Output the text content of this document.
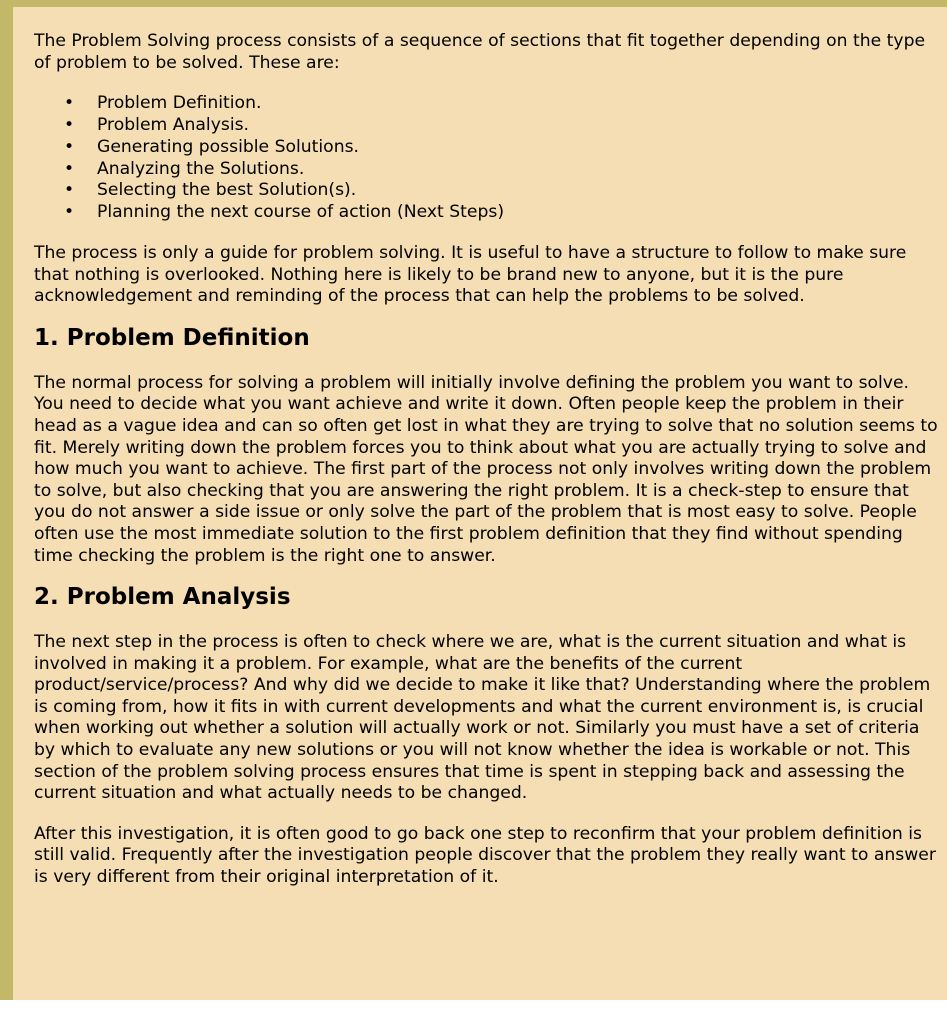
The Problem Solving process consists of a sequence of sections that fit together depending on the type of problem to be solved. These are:

• Problem Definition.
• Problem Analysis.
• Generating possible Solutions.
• Analyzing the Solutions.
• Selecting the best Solution(s).
• Planning the next course of action (Next Steps)

The process is only a guide for problem solving. It is useful to have a structure to follow to make sure that nothing is overlooked. Nothing here is likely to be brand new to anyone, but it is the pure acknowledgement and reminding of the process that can help the problems to be solved.

1. Problem Definition

The normal process for solving a problem will initially involve defining the problem you want to solve. You need to decide what you want achieve and write it down. Often people keep the problem in their head as a vague idea and can so often get lost in what they are trying to solve that no solution seems to fit. Merely writing down the problem forces you to think about what you are actually trying to solve and how much you want to achieve. The first part of the process not only involves writing down the problem to solve, but also checking that you are answering the right problem. It is a check-step to ensure that you do not answer a side issue or only solve the part of the problem that is most easy to solve. People often use the most immediate solution to the first problem definition that they find without spending time checking the problem is the right one to answer.

2. Problem Analysis

The next step in the process is often to check where we are, what is the current situation and what is involved in making it a problem. For example, what are the benefits of the current product/service/process? And why did we decide to make it like that? Understanding where the problem is coming from, how it fits in with current developments and what the current environment is, is crucial when working out whether a solution will actually work or not. Similarly you must have a set of criteria by which to evaluate any new solutions or you will not know whether the idea is workable or not. This section of the problem solving process ensures that time is spent in stepping back and assessing the current situation and what actually needs to be changed.

After this investigation, it is often good to go back one step to reconfirm that your problem definition is still valid. Frequently after the investigation people discover that the problem they really want to answer is very different from their original interpretation of it.
